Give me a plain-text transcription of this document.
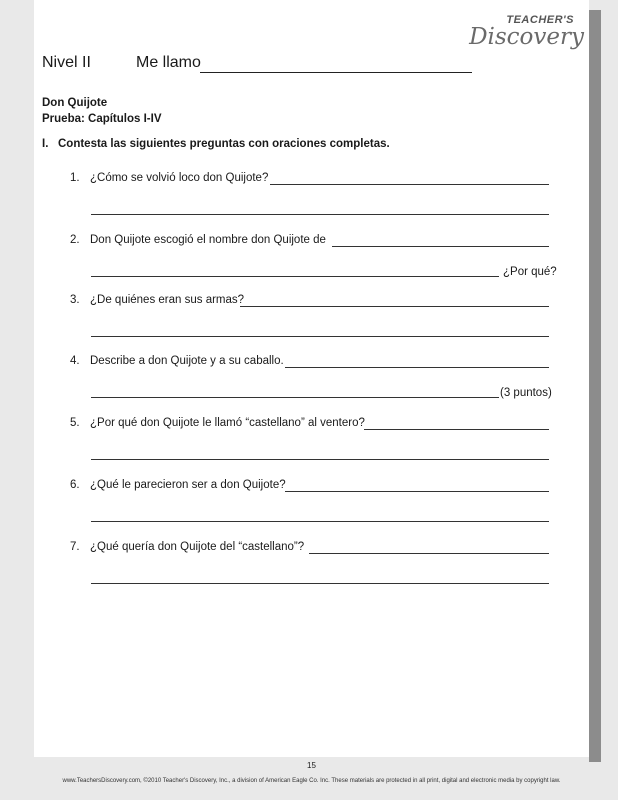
Nivel II	Me llamo
TEACHER'S
Discovery
Don Quijote
Prueba: Capítulos I-IV
I. Contesta las siguientes preguntas con oraciones completas.
1. ¿Cómo se volvió loco don Quijote?
2. Don Quijote escogió el nombre don Quijote de
¿Por qué?
3. ¿De quiénes eran sus armas?
4. Describe a don Quijote y a su caballo.
(3 puntos)
5. ¿Por qué don Quijote le llamó “castellano” al ventero?
6. ¿Qué le parecieron ser a don Quijote?
7. ¿Qué quería don Quijote del “castellano”?
15
www.TeachersDiscovery.com, ©2010 Teacher's Discovery, Inc., a division of American Eagle Co. Inc. These materials are protected in all print, digital and electronic media by copyright law.
